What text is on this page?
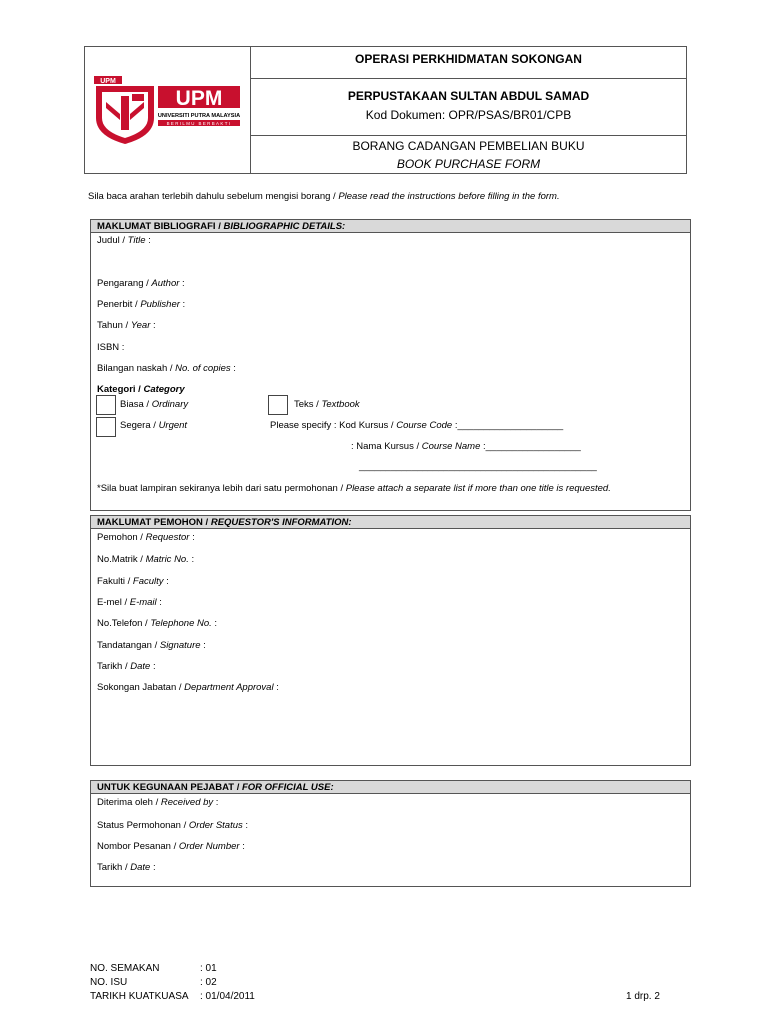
UPM
UPM
UNIVERSITI PUTRA MALAYSIA
BERILMU BERBAKTI
OPERASI PERKHIDMATAN SOKONGAN
PERPUSTAKAAN SULTAN ABDUL SAMAD
Kod Dokumen: OPR/PSAS/BR01/CPB
BORANG CADANGAN PEMBELIAN BUKU
BOOK PURCHASE FORM
Sila baca arahan terlebih dahulu sebelum mengisi borang / Please read the instructions before filling in the form.
MAKLUMAT BIBLIOGRAFI / BIBLIOGRAPHIC DETAILS:
Judul / Title :
Pengarang / Author :
Penerbit / Publisher :
Tahun / Year :
ISBN :
Bilangan naskah / No. of copies :
Kategori / Category
Biasa / Ordinary	Teks / Textbook
Segera / Urgent	Please specify : Kod Kursus / Course Code :____________________
: Nama Kursus / Course Name :__________________
_____________________________________________
*Sila buat lampiran sekiranya lebih dari satu permohonan / Please attach a separate list if more than one title is requested.
MAKLUMAT PEMOHON / REQUESTOR'S INFORMATION:
Pemohon / Requestor :
No.Matrik / Matric No. :
Fakulti / Faculty :
E-mel / E-mail :
No.Telefon / Telephone No. :
Tandatangan / Signature :
Tarikh / Date :
Sokongan Jabatan / Department Approval :
UNTUK KEGUNAAN PEJABAT / FOR OFFICIAL USE:
Diterima oleh / Received by :
Status Permohonan / Order Status :
Nombor Pesanan / Order Number :
Tarikh / Date :
NO. SEMAKAN	: 01
NO. ISU	: 02
TARIKH KUATKUASA : 01/04/2011	1 drp. 2
